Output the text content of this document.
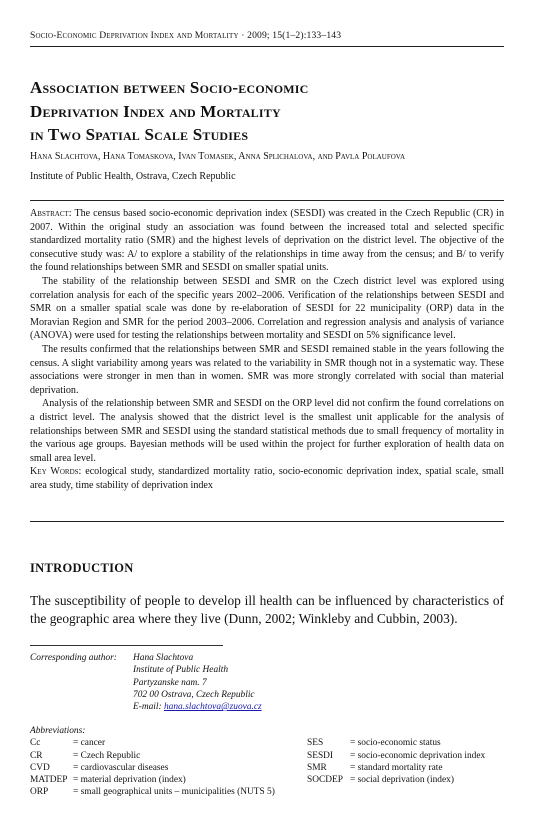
Socio-Economic Deprivation Index and Mortality · 2009; 15(1–2):133–143
Association between Socio-economic
Deprivation Index and Mortality
in Two Spatial Scale Studies
Hana Slachtova, Hana Tomaskova, Ivan Tomasek, Anna Splichalova, and Pavla Polaufova
Institute of Public Health, Ostrava, Czech Republic

Abstract: The census based socio-economic deprivation index (SESDI) was created in the Czech Republic (CR) in 2007. Within the original study an association was found between the increased total and selected specific standardized mortality ratio (SMR) and the highest levels of deprivation on the district level. The objective of the consecutive study was: A/ to explore a stability of the relationships in time away from the census; and B/ to verify the found relationships between SMR and SESDI on smaller spatial units.

The stability of the relationship between SESDI and SMR on the Czech district level was explored using correlation analysis for each of the specific years 2002–2006. Verification of the relationships between SESDI and SMR on a smaller spatial scale was done by re-elaboration of SESDI for 22 municipality (ORP) data in the Moravian Region and SMR for the period 2003–2006. Correlation and regression analysis and analysis of variance (ANOVA) were used for testing the relationships between mortality and SESDI on 5% significance level.

The results confirmed that the relationships between SMR and SESDI remained stable in the years following the census. A slight variability among years was related to the variability in SMR though not in a systematic way. These associations were stronger in men than in women. SMR was more strongly correlated with social than material deprivation.

Analysis of the relationship between SMR and SESDI on the ORP level did not confirm the found correlations on a district level. The analysis showed that the district level is the smallest unit applicable for the analysis of relationships between SMR and SESDI using the standard statistical methods due to small frequency of mortality in the various age groups. Bayesian methods will be used within the project for further exploration of health data on small area level.

Key Words: ecological study, standardized mortality ratio, socio-economic deprivation index, spatial scale, small area study, time stability of deprivation index

INTRODUCTION
The susceptibility of people to develop ill health can be influenced by characteristics of the geographic area where they live (Dunn, 2002; Winkleby and Cubbin, 2003).
Corresponding author: Hana Slachtova
Institute of Public Health
Partyzanske nam. 7
702 00 Ostrava, Czech Republic
E-mail: hana.slachtova@zuova.cz
Abbreviations:
Cc	= cancer
CR	= Czech Republic
CVD = cardiovascular diseases
MATDEP = material deprivation (index)
ORP	= small geographical units – municipalities (NUTS 5)
SES	= socio-economic status
SESDI = socio-economic deprivation index
SMR = standard mortality rate
SOCDEP = social deprivation (index)
